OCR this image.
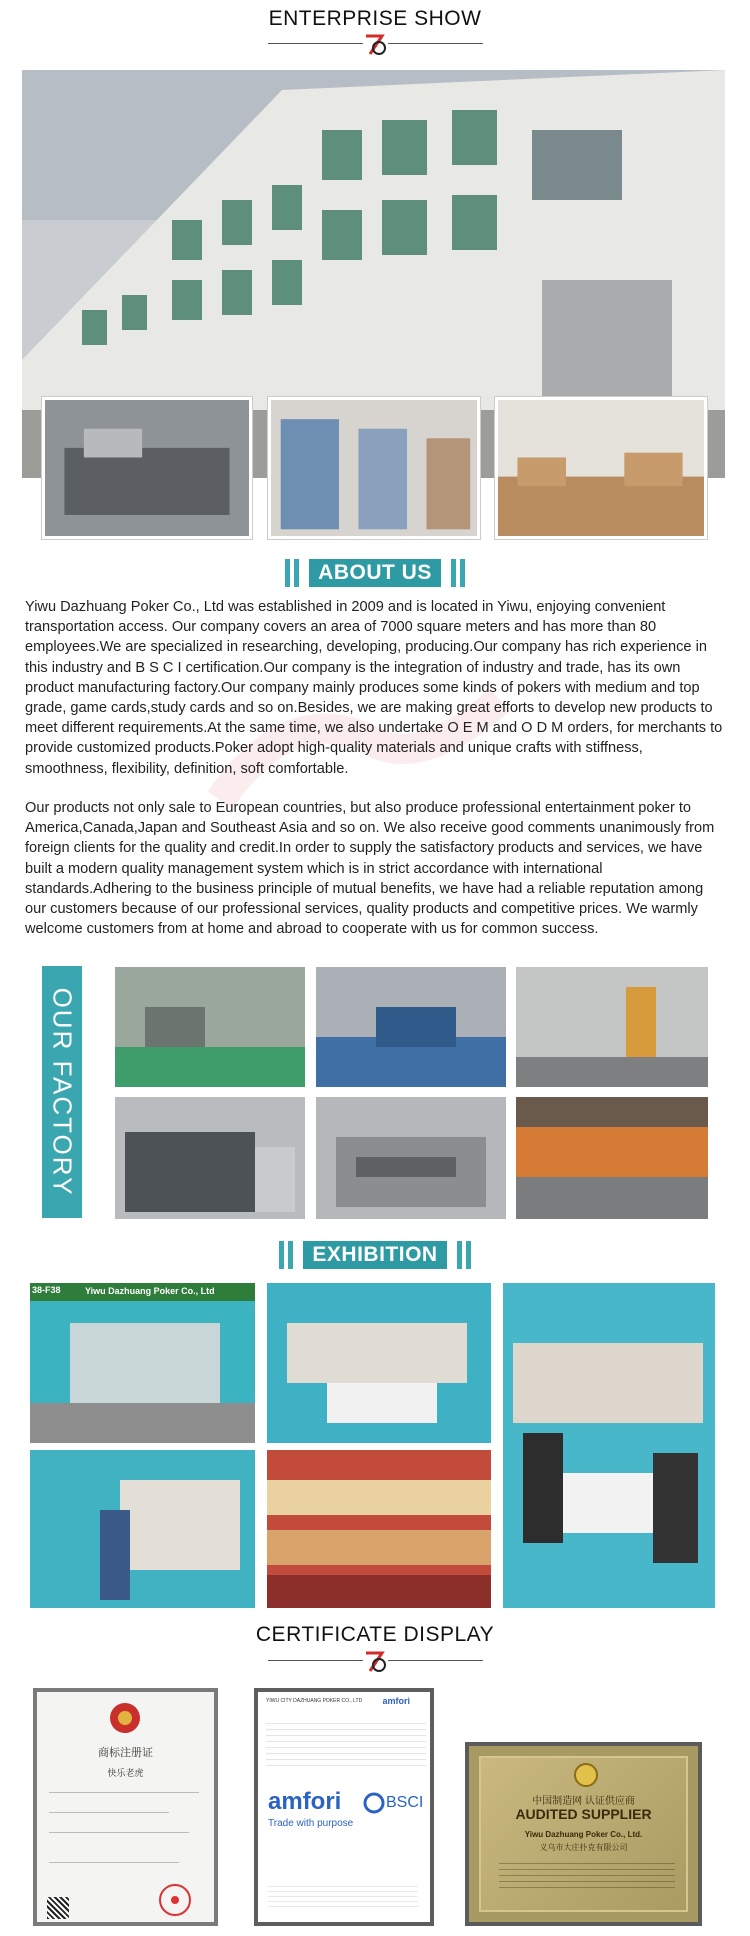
ENTERPRISE SHOW
ABOUT US

Yiwu Dazhuang Poker Co., Ltd was established in 2009 and is located in Yiwu, enjoying convenient transportation access. Our company covers an area of 7000 square meters and has more than 80 employees.We are specialized in researching, developing, producing.Our company has rich experience in this industry and B S C I certification.Our company is the integration of industry and trade, has its own product manufacturing factory.Our company mainly produces some kinds of pokers with medium and top grade, game cards,study cards and so on.Besides, we are making great efforts to develop new products to meet different requirements.At the same time, we also undertake O E M and O D M orders, for merchants to provide customized products.Poker adopt high-quality materials and unique crafts with stiffness, smoothness, flexibility, definition, soft comfortable.

Our products not only sale to European countries, but also produce professional entertainment poker to America,Canada,Japan and Southeast Asia and so on. We also receive good comments unanimously from foreign clients for the quality and credit.In order to supply the satisfactory products and services, we have built a modern quality management system which is in strict accordance with international standards.Adhering to the business principle of mutual benefits, we have had a reliable reputation among our customers because of our professional services, quality products and competitive prices. We warmly welcome customers from at home and abroad to cooperate with us for common success.

OUR FACTORY
EXHIBITION
38-F38	Yiwu Dazhuang Poker Co., Ltd
CERTIFICATE DISPLAY
商标注册证
快乐老虎
YIWU CITY DAZHUANG POKER CO., LTD	amfori
amfori	BSCI
Trade with purpose
中国制造网 认证供应商
AUDITED SUPPLIER
Yiwu Dazhuang Poker Co., Ltd.
义乌市大庄扑克有限公司
